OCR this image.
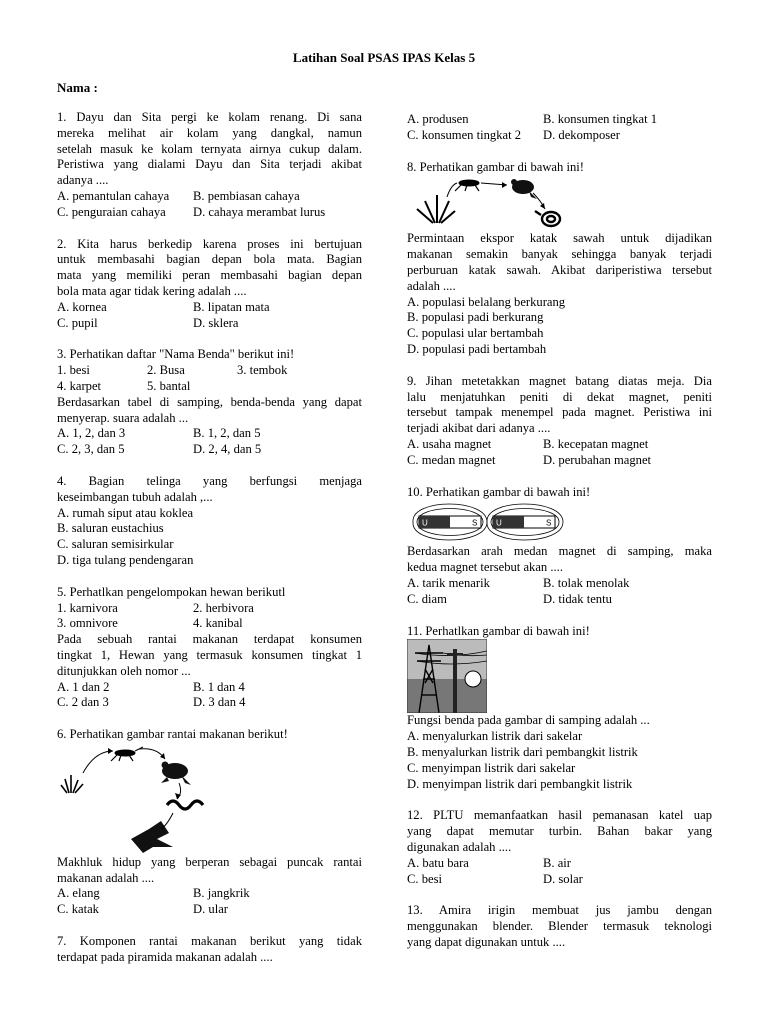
Latihan Soal PSAS IPAS Kelas 5
Nama :
1. Dayu dan Sita pergi ke kolam renang. Di sana
mereka melihat air kolam yang dangkal, namun
setelah masuk ke kolam ternyata airnya cukup dalam.
Peristiwa yang dialami Dayu dan Sita terjadi akibat
adanya ....
A. pemantulan cahaya	B. pembiasan cahaya
C. penguraian cahaya	D. cahaya merambat lurus
2. Kita harus berkedip karena proses ini bertujuan
untuk membasahi bagian depan bola mata. Bagian
mata yang memiliki peran membasahi bagian depan
bola mata agar tidak kering adalah ....
A. kornea	B. lipatan mata
C. pupil	D. sklera
3. Perhatikan daftar "Nama Benda" berikut ini!
1. besi	2. Busa	3. tembok
4. karpet	5. bantal
Berdasarkan tabel di samping, benda-benda yang dapat
menyerap. suara adalah ...
A. 1, 2, dan 3	B. 1, 2, dan 5
C. 2, 3, dan 5	D. 2, 4, dan 5
4. Bagian telinga yang berfungsi menjaga
keseimbangan tubuh adalah ,...
A. rumah siput atau koklea
B. saluran eustachius
C. saluran semisirkular
D. tiga tulang pendengaran
5. Perhatlkan pengelompokan hewan berikutl
1. karnivora	2. herbivora
3. omnivore	4. kanibal
Pada sebuah rantai makanan terdapat konsumen
tingkat 1, Hewan yang termasuk konsumen tingkat 1
ditunjukkan oleh nomor ...
A. 1 dan 2	B. 1 dan 4
C. 2 dan 3	D. 3 dan 4
6. Perhatikan gambar rantai makanan berikut!
Makhluk hidup yang berperan sebagai puncak rantai
makanan adalah ....
A. elang	B. jangkrik
C. katak	D. ular
7. Komponen rantai makanan berikut yang tidak
terdapat pada piramida makanan adalah ....
A. produsen	B. konsumen tingkat 1
C. konsumen tingkat 2	D. dekomposer
8. Perhatikan gambar di bawah ini!
Permintaan ekspor katak sawah untuk dijadikan
makanan semakin banyak sehingga banyak terjadi
perburuan katak sawah. Akibat dariperistiwa tersebut
adalah ....
A. populasi belalang berkurang
B. populasi padi berkurang
C. populasi ular bertambah
D. populasi padi bertambah
9. Jihan metetakkan magnet batang diatas meja. Dia
lalu menjatuhkan peniti di dekat magnet, peniti
tersebut tampak menempel pada magnet. Peristiwa ini
terjadi akibat dari adanya ....
A. usaha magnet	B. kecepatan magnet
C. medan magnet	D. perubahan magnet
10. Perhatikan gambar di bawah ini!
U	S U	S
Berdasarkan arah medan magnet di samping, maka
kedua magnet tersebut akan ....
A. tarik menarik	B. tolak menolak
C. diam	D. tidak tentu
11. Perhatlkan gambar di bawah ini!
Fungsi benda pada gambar di samping adalah ...
A. menyalurkan listrik dari sakelar
B. menyalurkan listrik dari pembangkit listrik
C. menyimpan listrik dari sakelar
D. menyimpan listrik dari pembangkit listrik
12. PLTU memanfaatkan hasil pemanasan katel uap
yang dapat memutar turbin. Bahan bakar yang
digunakan adalah ....
A. batu bara	B. air
C. besi	D. solar
13. Amira irigin membuat jus jambu dengan
menggunakan blender. Blender termasuk teknologi
yang dapat digunakan untuk ....
